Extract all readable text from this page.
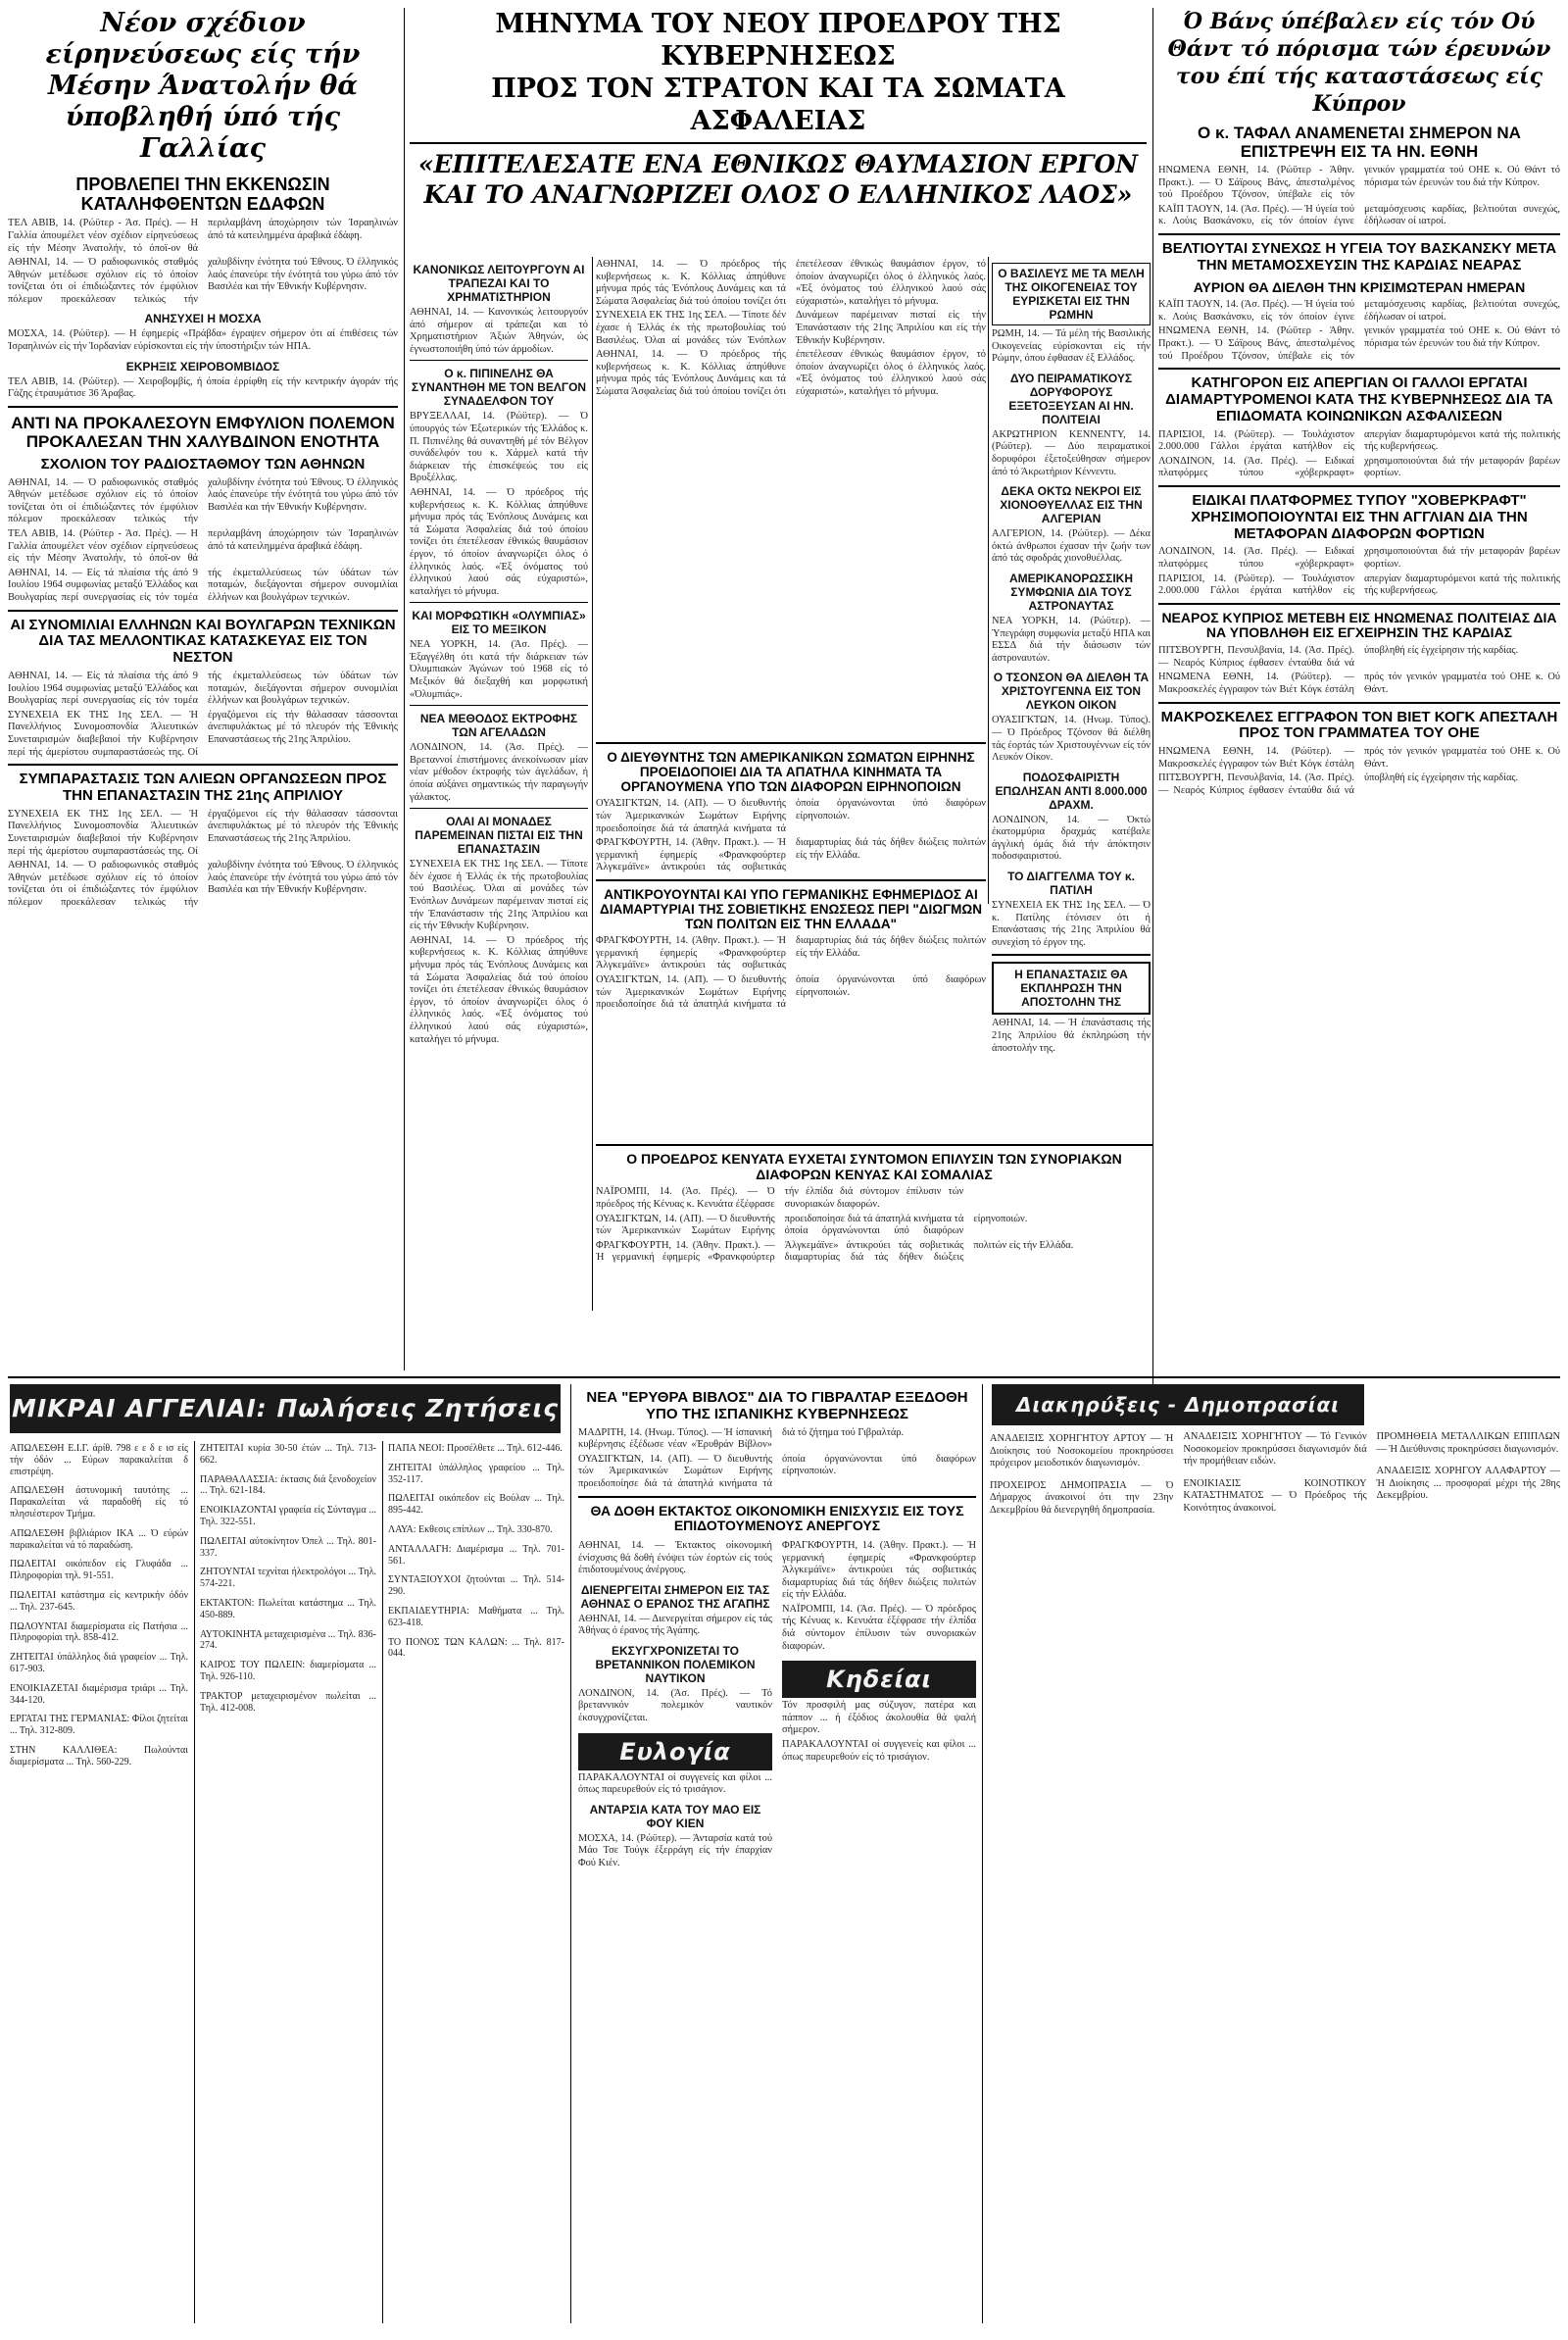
Νέον σχέδιον είρηνεύσεως είς τήν Μέσην Άνατολήν θά ύποβληθή ύπό τής Γαλλίας
ΠΡΟΒΛΕΠΕΙ ΤΗΝ ΕΚΚΕΝΩΣΙΝ ΚΑΤΑΛΗΦΘΕΝΤΩΝ ΕΔΑΦΩΝ
ΤΕΛ ΑΒΙΒ, 14. (Ρώϋτερ - Άσ. Πρές). — Η Γαλλία άπουμέλετ νέον σχέδιον είρηνεύσεως είς τήν Μέσην Άνατολήν, τό όποϊ-ον θά περιλαμβάνη άποχώρησιν τών Ίσραηλινών άπό τά κατειλημμένα άραβικά έδάφη.
ΑΘΗΝΑΙ, 14. — Ό ραδιοφωνικός σταθμός Άθηνών μετέδωσε σχόλιον είς τό όποίον τονίζεται ότι οί έπιδιώξαντες τόν έμφύλιον πόλεμον προεκάλεσαν τελικώς τήν χαλυβδίνην ένότητα τού Έθνους. Ό έλληνικός λαός έπανεύρε τήν ένότητά του γύρω άπό τόν Βασιλέα και τήν Έθνικήν Κυβέρνησιν.
ΑΝΗΣΥΧΕΙ Η ΜΟΣΧΑ
ΜΟΣΧΑ, 14. (Ρώϋτερ). — Η έφημερίς «Πράβδα» έγραψεν σήμερον ότι αί έπιθέσεις τών Ίσραηλινών είς τήν Ίορδανίαν εύρίσκονται είς τήν ύποστήριξιν τών ΗΠΑ.
ΕΚΡΗΞΙΣ ΧΕΙΡΟΒΟΜΒΙΔΟΣ
ΤΕΛ ΑΒΙΒ, 14. (Ρώϋτερ). — Χειροβομβίς, ή όποία έρρίφθη είς τήν κεντρικήν άγοράν τής Γάζης έτραυμάτισε 36 Άραβας.
ΑΝΤΙ ΝΑ ΠΡΟΚΑΛΕΣΟΥΝ ΕΜΦΥΛΙΟΝ ΠΟΛΕΜΟΝ ΠΡΟΚΑΛΕΣΑΝ ΤΗΝ ΧΑΛΥΒΔΙΝΟΝ ΕΝΟΤΗΤΑ
ΣΧΟΛΙΟΝ ΤΟΥ ΡΑΔΙΟΣΤΑΘΜΟΥ ΤΩΝ ΑΘΗΝΩΝ
ΑΘΗΝΑΙ, 14. — Ό ραδιοφωνικός σταθμός Άθηνών μετέδωσε σχόλιον είς τό όποίον τονίζεται ότι οί έπιδιώξαντες τόν έμφύλιον πόλεμον προεκάλεσαν τελικώς τήν χαλυβδίνην ένότητα τού Έθνους. Ό έλληνικός λαός έπανεύρε τήν ένότητά του γύρω άπό τόν Βασιλέα και τήν Έθνικήν Κυβέρνησιν.
ΤΕΛ ΑΒΙΒ, 14. (Ρώϋτερ - Άσ. Πρές). — Η Γαλλία άπουμέλετ νέον σχέδιον είρηνεύσεως είς τήν Μέσην Άνατολήν, τό όποϊ-ον θά περιλαμβάνη άποχώρησιν τών Ίσραηλινών άπό τά κατειλημμένα άραβικά έδάφη.
ΑΘΗΝΑΙ, 14. — Είς τά πλαίσια τής άπό 9 Ιουλίου 1964 συμφωνίας μεταξύ Έλλάδος και Βουλγαρίας περί συνεργασίας είς τόν τομέα τής έκμεταλλεύσεως τών ύδάτων τών ποταμών, διεξάγονται σήμερον συνομιλίαι έλλήνων και βουλγάρων τεχνικών.
ΑΙ ΣΥΝΟΜΙΛΙΑΙ ΕΛΛΗΝΩΝ ΚΑΙ ΒΟΥΛΓΑΡΩΝ ΤΕΧΝΙΚΩΝ ΔΙΑ ΤΑΣ ΜΕΛΛΟΝΤΙΚΑΣ ΚΑΤΑΣΚΕΥΑΣ ΕΙΣ ΤΟΝ ΝΕΣΤΟΝ
ΑΘΗΝΑΙ, 14. — Είς τά πλαίσια τής άπό 9 Ιουλίου 1964 συμφωνίας μεταξύ Έλλάδος και Βουλγαρίας περί συνεργασίας είς τόν τομέα τής έκμεταλλεύσεως τών ύδάτων τών ποταμών, διεξάγονται σήμερον συνομιλίαι έλλήνων και βουλγάρων τεχνικών.
ΣΥΝΕΧΕΙΑ ΕΚ ΤΗΣ 1ης ΣΕΛ. — Ή Πανελλήνιος Συνομοσπονδία Άλιευτικών Συνεταιρισμών διαβεβαιοί τήν Κυβέρνησιν περί τής άμερίστου συμπαραστάσεώς της. Οί έργαζόμενοι είς τήν θάλασσαν τάσσονται άνεπιφυλάκτως μέ τό πλευρόν τής Έθνικής Επαναστάσεως τής 21ης Άπριλίου.
ΣΥΜΠΑΡΑΣΤΑΣΙΣ ΤΩΝ ΑΛΙΕΩΝ ΟΡΓΑΝΩΣΕΩΝ ΠΡΟΣ ΤΗΝ ΕΠΑΝΑΣΤΑΣΙΝ ΤΗΣ 21ης ΑΠΡΙΛΙΟΥ
ΣΥΝΕΧΕΙΑ ΕΚ ΤΗΣ 1ης ΣΕΛ. — Ή Πανελλήνιος Συνομοσπονδία Άλιευτικών Συνεταιρισμών διαβεβαιοί τήν Κυβέρνησιν περί τής άμερίστου συμπαραστάσεώς της. Οί έργαζόμενοι είς τήν θάλασσαν τάσσονται άνεπιφυλάκτως μέ τό πλευρόν τής Έθνικής Επαναστάσεως τής 21ης Άπριλίου.
ΑΘΗΝΑΙ, 14. — Ό ραδιοφωνικός σταθμός Άθηνών μετέδωσε σχόλιον είς τό όποίον τονίζεται ότι οί έπιδιώξαντες τόν έμφύλιον πόλεμον προεκάλεσαν τελικώς τήν χαλυβδίνην ένότητα τού Έθνους. Ό έλληνικός λαός έπανεύρε τήν ένότητά του γύρω άπό τόν Βασιλέα και τήν Έθνικήν Κυβέρνησιν.
ΜΗΝΥΜΑ ΤΟΥ ΝΕΟΥ ΠΡΟΕΔΡΟΥ ΤΗΣ ΚΥΒΕΡΝΗΣΕΩΣ
ΠΡΟΣ ΤΟΝ ΣΤΡΑΤΟΝ ΚΑΙ ΤΑ ΣΩΜΑΤΑ ΑΣΦΑΛΕΙΑΣ
«ΕΠΙΤΕΛΕΣΑΤΕ ΕΝΑ ΕΘΝΙΚΩΣ ΘΑΥΜΑΣΙΟΝ ΕΡΓΟΝ ΚΑΙ ΤΟ ΑΝΑΓΝΩΡΙΖΕΙ ΟΛΟΣ Ο ΕΛΛΗΝΙΚΟΣ ΛΑΟΣ»
Ό Βάνς ύπέβαλεν είς τόν Ού Θάντ τό πόρισμα τών έρευνών του έπί τής καταστάσεως είς Κύπρον
Ο κ. ΤΑΦΑΛ ΑΝΑΜΕΝΕΤΑΙ ΣΗΜΕΡΟΝ ΝΑ ΕΠΙΣΤΡΕΨΗ ΕΙΣ ΤΑ ΗΝ. ΕΘΝΗ
ΗΝΩΜΕΝΑ ΕΘΝΗ, 14. (Ρώϋτερ - Άθην. Πρακτ.). — Ό Σάϊρους Βάνς, άπεσταλμένος τού Προέδρου Τζόνσον, ύπέβαλε είς τόν γενικόν γραμματέα τού ΟΗΕ κ. Ού Θάντ τό πόρισμα τών έρευνών του διά τήν Κύπρον.
ΚΑΪΠ ΤΑΟΥΝ, 14. (Άσ. Πρές). — Ή ύγεία τού κ. Λούις Βασκάνσκυ, είς τόν όποίον έγινε μεταμόσχευσις καρδίας, βελτιούται συνεχώς, έδήλωσαν οί ιατροί.
ΒΕΛΤΙΟΥΤΑΙ ΣΥΝΕΧΩΣ Η ΥΓΕΙΑ ΤΟΥ ΒΑΣΚΑΝΣΚΥ ΜΕΤΑ ΤΗΝ ΜΕΤΑΜΟΣΧΕΥΣΙΝ ΤΗΣ ΚΑΡΔΙΑΣ ΝΕΑΡΑΣ
ΑΥΡΙΟΝ ΘΑ ΔΙΕΛΘΗ ΤΗΝ ΚΡΙΣΙΜΩΤΕΡΑΝ ΗΜΕΡΑΝ
ΚΑΪΠ ΤΑΟΥΝ, 14. (Άσ. Πρές). — Ή ύγεία τού κ. Λούις Βασκάνσκυ, είς τόν όποίον έγινε μεταμόσχευσις καρδίας, βελτιούται συνεχώς, έδήλωσαν οί ιατροί.
ΗΝΩΜΕΝΑ ΕΘΝΗ, 14. (Ρώϋτερ - Άθην. Πρακτ.). — Ό Σάϊρους Βάνς, άπεσταλμένος τού Προέδρου Τζόνσον, ύπέβαλε είς τόν γενικόν γραμματέα τού ΟΗΕ κ. Ού Θάντ τό πόρισμα τών έρευνών του διά τήν Κύπρον.
ΚΑΤΗΓΟΡΟΝ ΕΙΣ ΑΠΕΡΓΙΑΝ ΟΙ ΓΑΛΛΟΙ ΕΡΓΑΤΑΙ ΔΙΑΜΑΡΤΥΡΟΜΕΝΟΙ ΚΑΤΑ ΤΗΣ ΚΥΒΕΡΝΗΣΕΩΣ ΔΙΑ ΤΑ ΕΠΙΔΟΜΑΤΑ ΚΟΙΝΩΝΙΚΩΝ ΑΣΦΑΛΙΣΕΩΝ
ΠΑΡΙΣΙΟΙ, 14. (Ρώϋτερ). — Τουλάχιστον 2.000.000 Γάλλοι έργάται κατήλθον είς απεργίαν διαμαρτυρόμενοι κατά τής πολιτικής τής κυβερνήσεως.
ΛΟΝΔΙΝΟΝ, 14. (Άσ. Πρές). — Ειδικαί πλατφόρμες τύπου «χόβερκραφτ» χρησιμοποιούνται διά τήν μεταφοράν βαρέων φορτίων.
ΕΙΔΙΚΑΙ ΠΛΑΤΦΟΡΜΕΣ ΤΥΠΟΥ "ΧΟΒΕΡΚΡΑΦΤ" ΧΡΗΣΙΜΟΠΟΙΟΥΝΤΑΙ ΕΙΣ ΤΗΝ ΑΓΓΛΙΑΝ ΔΙΑ ΤΗΝ ΜΕΤΑΦΟΡΑΝ ΔΙΑΦΟΡΩΝ ΦΟΡΤΙΩΝ
ΛΟΝΔΙΝΟΝ, 14. (Άσ. Πρές). — Ειδικαί πλατφόρμες τύπου «χόβερκραφτ» χρησιμοποιούνται διά τήν μεταφοράν βαρέων φορτίων.
ΠΑΡΙΣΙΟΙ, 14. (Ρώϋτερ). — Τουλάχιστον 2.000.000 Γάλλοι έργάται κατήλθον είς απεργίαν διαμαρτυρόμενοι κατά τής πολιτικής τής κυβερνήσεως.
ΝΕΑΡΟΣ ΚΥΠΡΙΟΣ ΜΕΤΕΒΗ ΕΙΣ ΗΝΩΜΕΝΑΣ ΠΟΛΙΤΕΙΑΣ ΔΙΑ ΝΑ ΥΠΟΒΛΗΘΗ ΕΙΣ ΕΓΧΕΙΡΗΣΙΝ ΤΗΣ ΚΑΡΔΙΑΣ
ΠΙΤΣΒΟΥΡΓΗ, Πενσυλβανία, 14. (Άσ. Πρές). — Νεαρός Κύπριος έφθασεν ένταύθα διά νά ύποβληθή είς έγχείρησιν τής καρδίας.
ΗΝΩΜΕΝΑ ΕΘΝΗ, 14. (Ρώϋτερ). — Μακροσκελές έγγραφον τών Βιέτ Κόγκ έστάλη πρός τόν γενικόν γραμματέα τού ΟΗΕ κ. Ού Θάντ.
ΜΑΚΡΟΣΚΕΛΕΣ ΕΓΓΡΑΦΟΝ ΤΟΝ ΒΙΕΤ ΚΟΓΚ ΑΠΕΣΤΑΛΗ ΠΡΟΣ ΤΟΝ ΓΡΑΜΜΑΤΕΑ ΤΟΥ ΟΗΕ
ΗΝΩΜΕΝΑ ΕΘΝΗ, 14. (Ρώϋτερ). — Μακροσκελές έγγραφον τών Βιέτ Κόγκ έστάλη πρός τόν γενικόν γραμματέα τού ΟΗΕ κ. Ού Θάντ.
ΠΙΤΣΒΟΥΡΓΗ, Πενσυλβανία, 14. (Άσ. Πρές). — Νεαρός Κύπριος έφθασεν ένταύθα διά νά ύποβληθή είς έγχείρησιν τής καρδίας.
ΚΑΝΟΝΙΚΩΣ ΛΕΙΤΟΥΡΓΟΥΝ ΑΙ ΤΡΑΠΕΖΑΙ ΚΑΙ ΤΟ ΧΡΗΜΑΤΙΣΤΗΡΙΟΝ
ΑΘΗΝΑΙ, 14. — Κανονικώς λειτουργούν άπό σήμερον αί τράπεζαι και τό Χρηματιστήριον Άξιών Άθηνών, ώς έγνωστοποιήθη ύπό τών άρμοδίων.
Ο κ. ΠΙΠΙΝΕΛΗΣ ΘΑ ΣΥΝΑΝΤΗΘΗ ΜΕ ΤΟΝ ΒΕΛΓΟΝ ΣΥΝΑΔΕΛΦΟΝ ΤΟΥ
ΒΡΥΞΕΛΛΑΙ, 14. (Ρώϋτερ). — Ό ύπουργός τών Έξωτερικών τής Έλλάδος κ. Π. Πιπινέλης θά συναντηθή μέ τόν Βέλγον συνάδελφόν του κ. Χάρμελ κατά τήν διάρκειαν τής έπισκέψεώς του είς Βρυξέλλας.
ΑΘΗΝΑΙ, 14. — Ό πρόεδρος τής κυβερνήσεως κ. Κ. Κόλλιας άπηύθυνε μήνυμα πρός τάς Ένόπλους Δυνάμεις και τά Σώματα Άσφαλείας διά τού όποίου τονίζει ότι έπετέλεσαν έθνικώς θαυμάσιον έργον, τό όποίον άναγνωρίζει όλος ό έλληνικός λαός. «Έξ όνόματος τού έλληνικού λαού σάς εύχαριστώ», καταλήγει τό μήνυμα.
ΚΑΙ ΜΟΡΦΩΤΙΚΗ «ΟΛΥΜΠΙΑΣ» ΕΙΣ ΤΟ ΜΕΞΙΚΟΝ
ΝΕΑ ΥΟΡΚΗ, 14. (Άσ. Πρές). — Έξαγγέλθη ότι κατά τήν διάρκειαν τών Όλυμπιακών Άγώνων τού 1968 είς τό Μεξικόν θά διεξαχθή και μορφωτική «Όλυμπιάς».
ΝΕΑ ΜΕΘΟΔΟΣ ΕΚΤΡΟΦΗΣ ΤΩΝ ΑΓΕΛΑΔΩΝ
ΛΟΝΔΙΝΟΝ, 14. (Άσ. Πρές). — Βρεταννοί έπιστήμονες άνεκοίνωσαν μίαν νέαν μέθοδον έκτροφής τών άγελάδων, ή όποία αύξάνει σημαντικώς τήν παραγωγήν γάλακτος.
ΟΛΑΙ ΑΙ ΜΟΝΑΔΕΣ ΠΑΡΕΜΕΙΝΑΝ ΠΙΣΤΑΙ ΕΙΣ ΤΗΝ ΕΠΑΝΑΣΤΑΣΙΝ
ΣΥΝΕΧΕΙΑ ΕΚ ΤΗΣ 1ης ΣΕΛ. — Τίποτε δέν έχασε ή Έλλάς έκ τής πρωτοβουλίας τού Βασιλέως. Όλαι αί μονάδες τών Ένόπλων Δυνάμεων παρέμειναν πισταί είς τήν Έπανάστασιν τής 21ης Άπριλίου και είς τήν Έθνικήν Κυβέρνησιν.
ΑΘΗΝΑΙ, 14. — Ό πρόεδρος τής κυβερνήσεως κ. Κ. Κόλλιας άπηύθυνε μήνυμα πρός τάς Ένόπλους Δυνάμεις και τά Σώματα Άσφαλείας διά τού όποίου τονίζει ότι έπετέλεσαν έθνικώς θαυμάσιον έργον, τό όποίον άναγνωρίζει όλος ό έλληνικός λαός. «Έξ όνόματος τού έλληνικού λαού σάς εύχαριστώ», καταλήγει τό μήνυμα.
ΑΘΗΝΑΙ, 14. — Ό πρόεδρος τής κυβερνήσεως κ. Κ. Κόλλιας άπηύθυνε μήνυμα πρός τάς Ένόπλους Δυνάμεις και τά Σώματα Άσφαλείας διά τού όποίου τονίζει ότι έπετέλεσαν έθνικώς θαυμάσιον έργον, τό όποίον άναγνωρίζει όλος ό έλληνικός λαός. «Έξ όνόματος τού έλληνικού λαού σάς εύχαριστώ», καταλήγει τό μήνυμα.
ΣΥΝΕΧΕΙΑ ΕΚ ΤΗΣ 1ης ΣΕΛ. — Τίποτε δέν έχασε ή Έλλάς έκ τής πρωτοβουλίας τού Βασιλέως. Όλαι αί μονάδες τών Ένόπλων Δυνάμεων παρέμειναν πισταί είς τήν Έπανάστασιν τής 21ης Άπριλίου και είς τήν Έθνικήν Κυβέρνησιν.
ΑΘΗΝΑΙ, 14. — Ό πρόεδρος τής κυβερνήσεως κ. Κ. Κόλλιας άπηύθυνε μήνυμα πρός τάς Ένόπλους Δυνάμεις και τά Σώματα Άσφαλείας διά τού όποίου τονίζει ότι έπετέλεσαν έθνικώς θαυμάσιον έργον, τό όποίον άναγνωρίζει όλος ό έλληνικός λαός. «Έξ όνόματος τού έλληνικού λαού σάς εύχαριστώ», καταλήγει τό μήνυμα.
Ο ΒΑΣΙΛΕΥΣ ΜΕ ΤΑ ΜΕΛΗ ΤΗΣ ΟΙΚΟΓΕΝΕΙΑΣ ΤΟΥ ΕΥΡΙΣΚΕΤΑΙ ΕΙΣ ΤΗΝ ΡΩΜΗΝ
ΡΩΜΗ, 14. — Τά μέλη τής Βασιλικής Οικογενείας εύρίσκονται είς τήν Ρώμην, όπου έφθασαν έξ Ελλάδος.
ΔΥΟ ΠΕΙΡΑΜΑΤΙΚΟΥΣ ΔΟΡΥΦΟΡΟΥΣ ΕΞΕΤΟΞΕΥΣΑΝ ΑΙ ΗΝ. ΠΟΛΙΤΕΙΑΙ
ΑΚΡΩΤΗΡΙΟΝ ΚΕΝΝΕΝΤΥ, 14. (Ρώϋτερ). — Δύο πειραματικοί δορυφόροι έξετοξεύθησαν σήμερον άπό τό Άκρωτήριον Κέννεντυ.
ΔΕΚΑ ΟΚΤΩ ΝΕΚΡΟΙ ΕΙΣ ΧΙΟΝΟΘΥΕΛΛΑΣ ΕΙΣ ΤΗΝ ΑΛΓΕΡΙΑΝ
ΑΛΓΕΡΙΟΝ, 14. (Ρώϋτερ). — Δέκα όκτώ άνθρωποι έχασαν τήν ζωήν των άπό τάς σφοδράς χιονοθυέλλας.
ΑΜΕΡΙΚΑΝΟΡΩΣΣΙΚΗ ΣΥΜΦΩΝΙΑ ΔΙΑ ΤΟΥΣ ΑΣΤΡΟΝΑΥΤΑΣ
ΝΕΑ ΥΟΡΚΗ, 14. (Ρώϋτερ). — Ύπεγράφη συμφωνία μεταξύ ΗΠΑ και ΕΣΣΔ διά τήν διάσωσιν τών άστροναυτών.
Ο ΤΣΟΝΣΟΝ ΘΑ ΔΙΕΛΘΗ ΤΑ ΧΡΙΣΤΟΥΓΕΝΝΑ ΕΙΣ ΤΟΝ ΛΕΥΚΟΝ ΟΙΚΟΝ
ΟΥΑΣΙΓΚΤΩΝ, 14. (Ηνωμ. Τύπος). — Ό Πρόεδρος Τζόνσον θά διέλθη τάς έορτάς τών Χριστουγέννων είς τόν Λευκόν Οίκον.
ΠΟΔΟΣΦΑΙΡΙΣΤΗ ΕΠΩΛΗΣΑΝ ΑΝΤΙ 8.000.000 ΔΡΑΧΜ.
ΛΟΝΔΙΝΟΝ, 14. — Όκτώ έκατομμύρια δραχμάς κατέβαλε άγγλική όμάς διά τήν άπόκτησιν ποδοσφαιριστού.
ΤΟ ΔΙΑΓΓΕΛΜΑ ΤΟΥ κ. ΠΑΤΙΛΗ
ΣΥΝΕΧΕΙΑ ΕΚ ΤΗΣ 1ης ΣΕΛ. — Ό κ. Πατίλης έτόνισεν ότι ή Επανάστασις τής 21ης Άπριλίου θά συνεχίση τό έργον της.
Η ΕΠΑΝΑΣΤΑΣΙΣ ΘΑ ΕΚΠΛΗΡΩΣΗ ΤΗΝ ΑΠΟΣΤΟΛΗΝ ΤΗΣ
ΑΘΗΝΑΙ, 14. — Ή έπανάστασις τής 21ης Άπριλίου θά έκπληρώση τήν άποστολήν της.
Ο ΔΙΕΥΘΥΝΤΗΣ ΤΩΝ ΑΜΕΡΙΚΑΝΙΚΩΝ ΣΩΜΑΤΩΝ ΕΙΡΗΝΗΣ ΠΡΟΕΙΔΟΠΟΙΕΙ ΔΙΑ ΤΑ ΑΠΑΤΗΛΑ ΚΙΝΗΜΑΤΑ ΤΑ ΟΡΓΑΝΟΥΜΕΝΑ ΥΠΟ ΤΩΝ ΔΙΑΦΟΡΩΝ ΕΙΡΗΝΟΠΟΙΩΝ
ΟΥΑΣΙΓΚΤΩΝ, 14. (ΑΠ). — Ό διευθυντής τών Άμερικανικών Σωμάτων Ειρήνης προειδοποίησε διά τά άπατηλά κινήματα τά όποία όργανώνονται ύπό διαφόρων είρηνοποιών.
ΦΡΑΓΚΦΟΥΡΤΗ, 14. (Άθην. Πρακτ.). — Ή γερμανική έφημερίς «Φρανκφούρτερ Άλγκεμάϊνε» άντικρούει τάς σοβιετικάς διαμαρτυρίας διά τάς δήθεν διώξεις πολιτών είς τήν Ελλάδα.
ΑΝΤΙΚΡΟΥΟΥΝΤΑΙ ΚΑΙ ΥΠΟ ΓΕΡΜΑΝΙΚΗΣ ΕΦΗΜΕΡΙΔΟΣ ΑΙ ΔΙΑΜΑΡΤΥΡΙΑΙ ΤΗΣ ΣΟΒΙΕΤΙΚΗΣ ΕΝΩΣΕΩΣ ΠΕΡΙ "ΔΙΩΓΜΩΝ ΤΩΝ ΠΟΛΙΤΩΝ ΕΙΣ ΤΗΝ ΕΛΛΑΔΑ"
ΦΡΑΓΚΦΟΥΡΤΗ, 14. (Άθην. Πρακτ.). — Ή γερμανική έφημερίς «Φρανκφούρτερ Άλγκεμάϊνε» άντικρούει τάς σοβιετικάς διαμαρτυρίας διά τάς δήθεν διώξεις πολιτών είς τήν Ελλάδα.
ΟΥΑΣΙΓΚΤΩΝ, 14. (ΑΠ). — Ό διευθυντής τών Άμερικανικών Σωμάτων Ειρήνης προειδοποίησε διά τά άπατηλά κινήματα τά όποία όργανώνονται ύπό διαφόρων είρηνοποιών.
Ο ΠΡΟΕΔΡΟΣ ΚΕΝΥΑΤΑ ΕΥΧΕΤΑΙ ΣΥΝΤΟΜΟΝ ΕΠΙΛΥΣΙΝ ΤΩΝ ΣΥΝΟΡΙΑΚΩΝ ΔΙΑΦΟΡΩΝ ΚΕΝΥΑΣ ΚΑΙ ΣΟΜΑΛΙΑΣ
ΝΑΪΡΟΜΠΙ, 14. (Άσ. Πρές). — Ό πρόεδρος τής Κένυας κ. Κενυάτα έξέφρασε τήν έλπίδα διά σύντομον έπίλυσιν τών συνοριακών διαφορών.
ΟΥΑΣΙΓΚΤΩΝ, 14. (ΑΠ). — Ό διευθυντής τών Άμερικανικών Σωμάτων Ειρήνης προειδοποίησε διά τά άπατηλά κινήματα τά όποία όργανώνονται ύπό διαφόρων είρηνοποιών.
ΦΡΑΓΚΦΟΥΡΤΗ, 14. (Άθην. Πρακτ.). — Ή γερμανική έφημερίς «Φρανκφούρτερ Άλγκεμάϊνε» άντικρούει τάς σοβιετικάς διαμαρτυρίας διά τάς δήθεν διώξεις πολιτών είς τήν Ελλάδα.
ΜΙΚΡΑΙ ΑΓΓΕΛΙΑΙ: Πωλήσεις Ζητήσεις
ΑΠΩΛΕΣΘΗ Ε.Ι.Γ. άρίθ. 798 ε ε δ ε ισ είς τήν όδόν ... Εύρων παρακαλείται δ επιστρέψη.
ΑΠΩΛΕΣΘΗ άστυνομική ταυτότης ... Παρακαλείται νά παραδοθή είς τό πλησιέστερον Τμήμα.
ΑΠΩΛΕΣΘΗ βιβλιάριον ΙΚΑ ... Ό εύρών παρακαλείται νά τό παραδώση.
ΠΩΛΕΙΤΑΙ οικόπεδον είς Γλυφάδα ... Πληροφορίαι τηλ. 91-551.
ΠΩΛΕΙΤΑΙ κατάστημα είς κεντρικήν όδόν ... Τηλ. 237-645.
ΠΩΛΟΥΝΤΑΙ διαμερίσματα είς Πατήσια ... Πληροφορίαι τηλ. 858-412.
ΖΗΤΕΙΤΑΙ ύπάλληλος διά γραφείον ... Τηλ. 617-903.
ΕΝΟΙΚΙΑΖΕΤΑΙ διαμέρισμα τριάρι ... Τηλ. 344-120.
ΕΡΓΑΤΑΙ ΤΗΣ ΓΕΡΜΑΝΙΑΣ: Φίλοι ζητείται ... Τηλ. 312-809.
ΣΤΗΝ ΚΑΛΛΙΘΕΑ: Πωλούνται διαμερίσματα ... Τηλ. 560-229.
ΖΗΤΕΙΤΑΙ κυρία 30-50 έτών ... Τηλ. 713-662.
ΠΑΡΑΘΑΛΑΣΣΙΑ: έκτασις διά ξενοδοχείον ... Τηλ. 621-184.
ΕΝΟΙΚΙΑΖΟΝΤΑΙ γραφεία είς Σύνταγμα ... Τηλ. 322-551.
ΠΩΛΕΙΤΑΙ αύτοκίνητον Όπελ ... Τηλ. 801-337.
ΖΗΤΟΥΝΤΑΙ τεχνίται ήλεκτρολόγοι ... Τηλ. 574-221.
ΕΚΤΑΚΤΟΝ: Πωλείται κατάστημα ... Τηλ. 450-889.
ΑΥΤΟΚΙΝΗΤΑ μεταχειρισμένα ... Τηλ. 836-274.
ΚΑΙΡΟΣ ΤΟΥ ΠΩΛΕΙΝ: διαμερίσματα ... Τηλ. 926-110.
ΤΡΑΚΤΟΡ μεταχειρισμένον πωλείται ... Τηλ. 412-008.
ΠΑΠΑ ΝΕΟΙ: Προσέλθετε ... Τηλ. 612-446.
ΖΗΤΕΙΤΑΙ ύπάλληλος γραφείου ... Τηλ. 352-117.
ΠΩΛΕΙΤΑΙ οικόπεδον είς Βούλαν ... Τηλ. 895-442.
ΛΑΥΑ: Εκθεσις επίπλων ... Τηλ. 330-870.
ΑΝΤΑΛΛΑΓΗ: Διαμέρισμα ... Τηλ. 701-561.
ΣΥΝΤΑΞΙΟΥΧΟΙ ζητούνται ... Τηλ. 514-290.
ΕΚΠΑΙΔΕΥΤΗΡΙΑ: Μαθήματα ... Τηλ. 623-418.
ΤΟ ΠΟΝΟΣ ΤΩΝ ΚΑΛΩΝ: ... Τηλ. 817-044.
ΝΕΑ "ΕΡΥΘΡΑ ΒΙΒΛΟΣ" ΔΙΑ ΤΟ ΓΙΒΡΑΛΤΑΡ ΕΞΕΔΟΘΗ ΥΠΟ ΤΗΣ ΙΣΠΑΝΙΚΗΣ ΚΥΒΕΡΝΗΣΕΩΣ
ΜΑΔΡΙΤΗ, 14. (Ηνωμ. Τύπος). — Ή ίσπανική κυβέρνησις έξέδωσε νέαν «Έρυθράν Βίβλον» διά τό ζήτημα τού Γιβραλτάρ.
ΟΥΑΣΙΓΚΤΩΝ, 14. (ΑΠ). — Ό διευθυντής τών Άμερικανικών Σωμάτων Ειρήνης προειδοποίησε διά τά άπατηλά κινήματα τά όποία όργανώνονται ύπό διαφόρων είρηνοποιών.
ΘΑ ΔΟΘΗ ΕΚΤΑΚΤΟΣ ΟΙΚΟΝΟΜΙΚΗ ΕΝΙΣΧΥΣΙΣ ΕΙΣ ΤΟΥΣ ΕΠΙΔΟΤΟΥΜΕΝΟΥΣ ΑΝΕΡΓΟΥΣ
ΑΘΗΝΑΙ, 14. — Έκτακτος οίκονομική ένίσχυσις θά δοθή ένόψει τών έορτών είς τούς έπιδοτουμένους άνέργους.
ΔΙΕΝΕΡΓΕΙΤΑΙ ΣΗΜΕΡΟΝ ΕΙΣ ΤΑΣ ΑΘΗΝΑΣ Ο ΕΡΑΝΟΣ ΤΗΣ ΑΓΑΠΗΣ
ΑΘΗΝΑΙ, 14. — Διενεργείται σήμερον είς τάς Άθήνας ό έρανος τής Άγάπης.
ΕΚΣΥΓΧΡΟΝΙΖΕΤΑΙ ΤΟ ΒΡΕΤΑΝΝΙΚΟΝ ΠΟΛΕΜΙΚΟΝ ΝΑΥΤΙΚΟΝ
ΛΟΝΔΙΝΟΝ, 14. (Άσ. Πρές). — Τό βρεταννικόν πολεμικόν ναυτικόν έκσυγχρονίζεται.
Ευλογία
ΠΑΡΑΚΑΛΟΥΝΤΑΙ οί συγγενείς και φίλοι ... όπως παρευρεθούν είς τό τρισάγιον.
ΑΝΤΑΡΣΙΑ ΚΑΤΑ ΤΟΥ ΜΑΟ ΕΙΣ ΦΟΥ ΚΙΕΝ
ΜΟΣΧΑ, 14. (Ρώϋτερ). — Άνταρσία κατά τού Μάο Τσε Τούγκ έξερράγη είς τήν έπαρχίαν Φού Κιέν.
ΦΡΑΓΚΦΟΥΡΤΗ, 14. (Άθην. Πρακτ.). — Ή γερμανική έφημερίς «Φρανκφούρτερ Άλγκεμάϊνε» άντικρούει τάς σοβιετικάς διαμαρτυρίας διά τάς δήθεν διώξεις πολιτών είς τήν Ελλάδα.
ΝΑΪΡΟΜΠΙ, 14. (Άσ. Πρές). — Ό πρόεδρος τής Κένυας κ. Κενυάτα έξέφρασε τήν έλπίδα διά σύντομον έπίλυσιν τών συνοριακών διαφορών.
Κηδείαι
Τόν προσφιλή μας σύζυγον, πατέρα και πάππον ... ή έξόδιος άκολουθία θά ψαλή σήμερον.
ΠΑΡΑΚΑΛΟΥΝΤΑΙ οί συγγενείς και φίλοι ... όπως παρευρεθούν είς τό τρισάγιον.
Διακηρύξεις - Δημοπρασίαι
ΑΝΑΔΕΙΞΙΣ ΧΟΡΗΓΗΤΟΥ ΑΡΤΟΥ — Ή Διοίκησις τού Νοσοκομείου προκηρύσσει πρόχειρον μειοδοτικόν διαγωνισμόν.
ΠΡΟΧΕΙΡΟΣ ΔΗΜΟΠΡΑΣΙΑ — Ό Δήμαρχος άνακοινοί ότι την 23ην Δεκεμβρίου θά διενεργηθή δημοπρασία.
ΑΝΑΔΕΙΞΙΣ ΧΟΡΗΓΗΤΟΥ — Τό Γενικόν Νοσοκομείον προκηρύσσει διαγωνισμόν διά τήν προμήθειαν ειδών.
ΕΝΟΙΚΙΑΣΙΣ ΚΟΙΝΟΤΙΚΟΥ ΚΑΤΑΣΤΗΜΑΤΟΣ — Ό Πρόεδρος τής Κοινότητος άνακοινοί.
ΠΡΟΜΗΘΕΙΑ ΜΕΤΑΛΛΙΚΩΝ ΕΠΙΠΛΩΝ — Ή Διεύθυνσις προκηρύσσει διαγωνισμόν.
ΑΝΑΔΕΙΞΙΣ ΧΟΡΗΓΟΥ ΑΛΑΦΑΡΤΟΥ — Ή Διοίκησις ... προσφοραί μέχρι τής 28ης Δεκεμβρίου.
